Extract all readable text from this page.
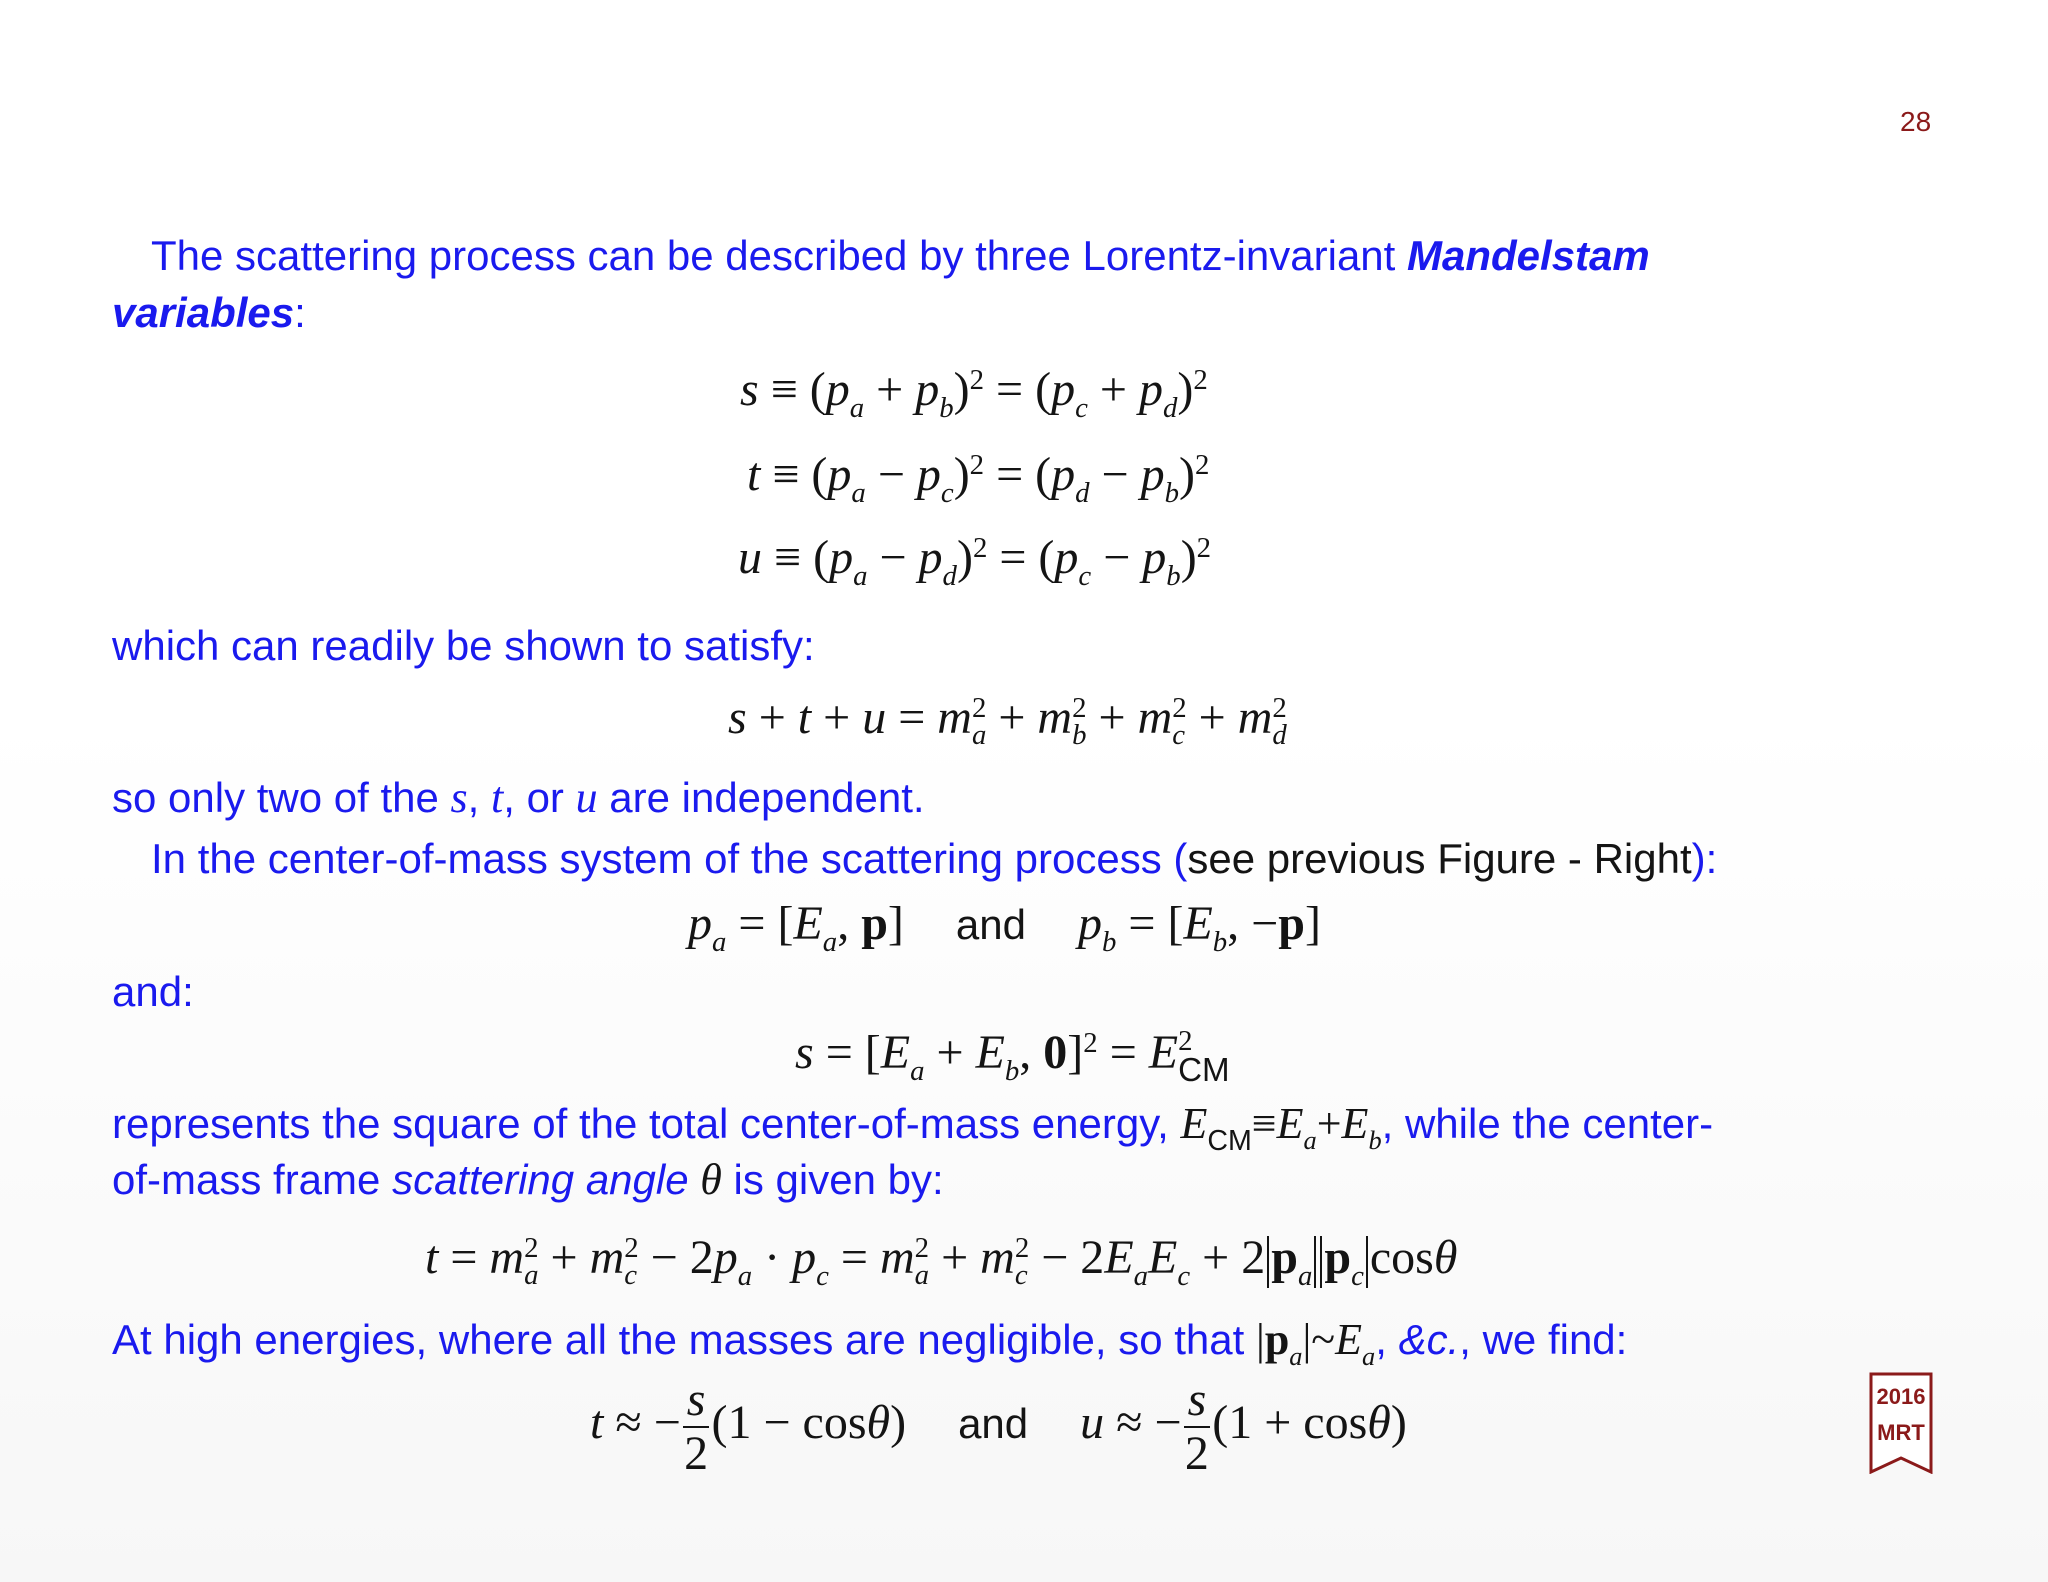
28
The scattering process can be described by three Lorentz-invariant Mandelstam
variables:
$s \equiv (p_a + p_b)^2 = (p_c + p_d)^2$
$t \equiv (p_a - p_c)^2 = (p_d - p_b)^2$
$u \equiv (p_a - p_d)^2 = (p_c - p_b)^2$
which can readily be shown to satisfy:
s + t + u = m 2
a + m 2
b + m 2
c + m 2
d
so only two of the s, t, or u are independent.
In the center-of-mass system of the scattering process (see previous Figure - Right):
$p_a = [E_a$, p] and $p_b = [E_b$, −p]
and:
$s = [E_a + E_b$, 0]$^2$ = E 2
CM
represents the square of the total center-of-mass energy, $E_{CM}\equiv E_a+E_b$, while the center-
of-mass frame scattering angle θ is given by:
t = m 2
a + m 2
$c - 2p_a \cdot p_c = m$ 2
a + m 2
$c - 2E_aE_c + 2$ $p_a$ $p_c$ cosθ
At high energies, where all the masses are negligible, so that $|p_a|\sim E_a$, &c., we find:
t ≈ − $\frac{s}{2} (1 - \cos\theta)$ and u ≈ − $\frac{s}{2} (1 + \cos\theta)$	2016
MRT
